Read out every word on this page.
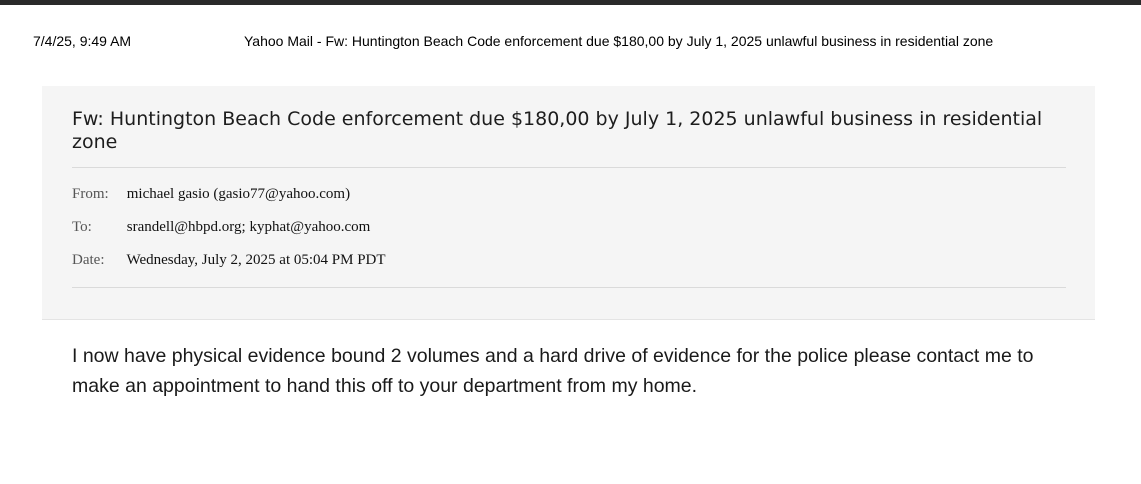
7/4/25, 9:49 AM	Yahoo Mail - Fw: Huntington Beach Code enforcement due $180,00 by July 1, 2025 unlawful business in residential zone
Fw: Huntington Beach Code enforcement due $180,00 by July 1, 2025 unlawful business in residential zone
From: michael gasio (gasio77@yahoo.com)
To: srandell@hbpd.org; kyphat@yahoo.com
Date: Wednesday, July 2, 2025 at 05:04 PM PDT
I now have physical evidence bound 2 volumes and a hard drive of evidence for the police please contact me to make an appointment to hand this off to your department from my home.
